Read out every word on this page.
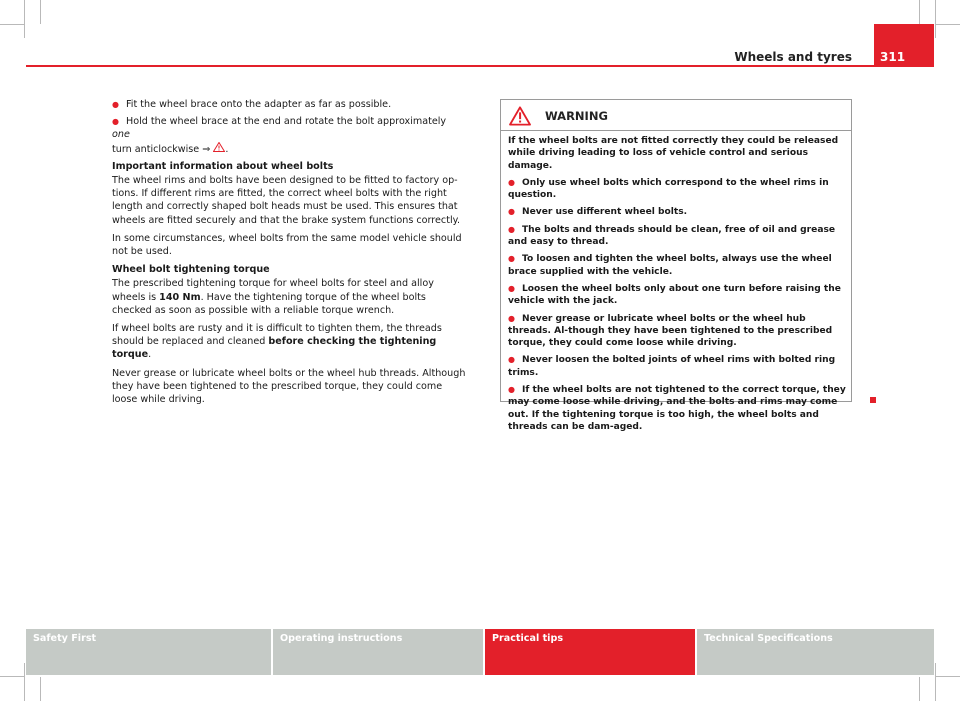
Wheels and tyres 311
● Fit the wheel brace onto the adapter as far as possible.
● Hold the wheel brace at the end and rotate the bolt approximately one
turn anticlockwise ⇒ .

Important information about wheel bolts

The wheel rims and bolts have been designed to be fitted to factory op-tions. If different rims are fitted, the correct wheel bolts with the right length and correctly shaped bolt heads must be used. This ensures that wheels are fitted securely and that the brake system functions correctly.

In some circumstances, wheel bolts from the same model vehicle should not be used.

Wheel bolt tightening torque

The prescribed tightening torque for wheel bolts for steel and alloy wheels is 140 Nm. Have the tightening torque of the wheel bolts checked as soon as possible with a reliable torque wrench.

If wheel bolts are rusty and it is difficult to tighten them, the threads should be replaced and cleaned before checking the tightening torque.

Never grease or lubricate wheel bolts or the wheel hub threads. Although they have been tightened to the prescribed torque, they could come loose while driving.

WARNING

If the wheel bolts are not fitted correctly they could be released while driving leading to loss of vehicle control and serious damage.

● Only use wheel bolts which correspond to the wheel rims in question.

● Never use different wheel bolts.

● The bolts and threads should be clean, free of oil and grease and easy to thread.

● To loosen and tighten the wheel bolts, always use the wheel brace supplied with the vehicle.

● Loosen the wheel bolts only about one turn before raising the vehicle with the jack.

● Never grease or lubricate wheel bolts or the wheel hub threads. Al-though they have been tightened to the prescribed torque, they could come loose while driving.

● Never loosen the bolted joints of wheel rims with bolted ring trims.

● If the wheel bolts are not tightened to the correct torque, they may come loose while driving, and the bolts and rims may come out. If the tightening torque is too high, the wheel bolts and threads can be dam-aged.

Safety First	Operating instructions	Practical tips	Technical Specifications
